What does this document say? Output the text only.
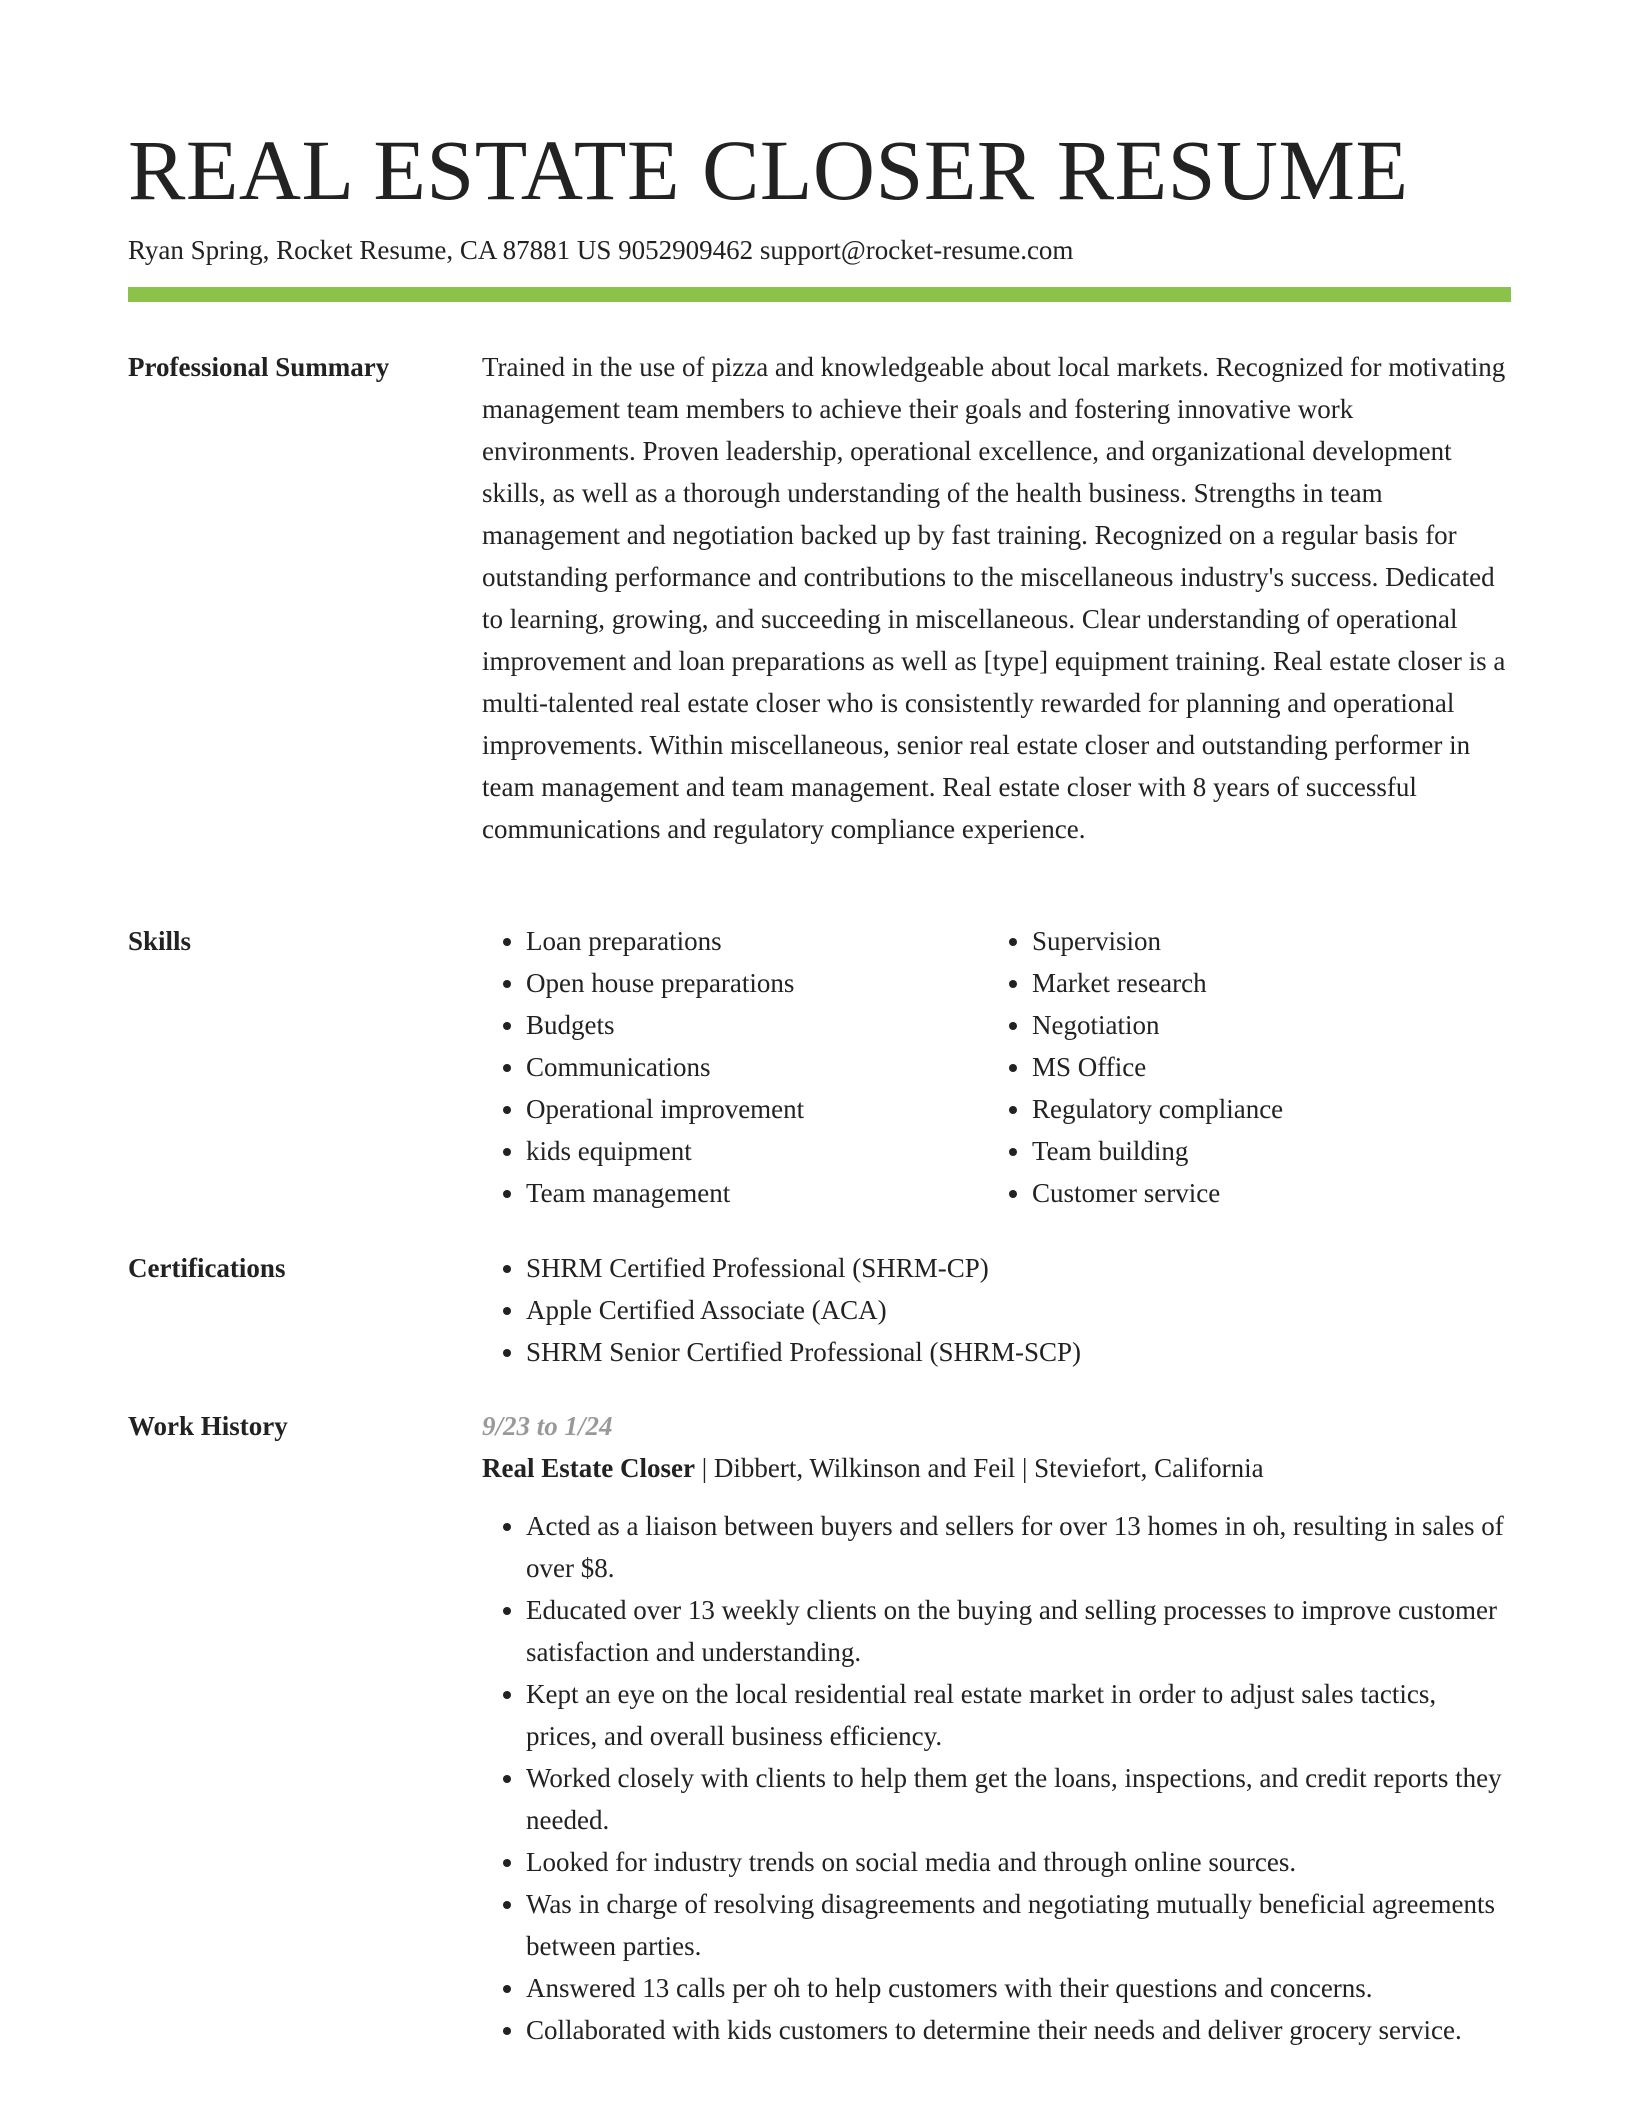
REAL ESTATE CLOSER RESUME
Ryan Spring, Rocket Resume, CA 87881 US 9052909462 support@rocket-resume.com
Professional Summary	Trained in the use of pizza and knowledgeable about local markets. Recognized for motivating management team members to achieve their goals and fostering innovative work environments. Proven leadership, operational excellence, and organizational development skills, as well as a thorough understanding of the health business. Strengths in team management and negotiation backed up by fast training. Recognized on a regular basis for outstanding performance and contributions to the miscellaneous industry's success. Dedicated to learning, growing, and succeeding in miscellaneous. Clear understanding of operational improvement and loan preparations as well as [type] equipment training. Real estate closer is a multi-talented real estate closer who is consistently rewarded for planning and operational improvements. Within miscellaneous, senior real estate closer and outstanding performer in team management and team management. Real estate closer with 8 years of successful communications and regulatory compliance experience.

Skills	• Loan preparations
• Open house preparations
• Budgets
• Communications
• Operational improvement
• kids equipment
• Team management
• Supervision
• Market research
• Negotiation
• MS Office
• Regulatory compliance
• Team building
• Customer service
Certifications	• SHRM Certified Professional (SHRM-CP)
• Apple Certified Associate (ACA)
• SHRM Senior Certified Professional (SHRM-SCP)
Work History	9/23 to 1/24
Real Estate Closer | Dibbert, Wilkinson and Feil | Steviefort, California
• Acted as a liaison between buyers and sellers for over 13 homes in oh, resulting in sales of over $8.
• Educated over 13 weekly clients on the buying and selling processes to improve customer satisfaction and understanding.
• Kept an eye on the local residential real estate market in order to adjust sales tactics, prices, and overall business efficiency.
• Worked closely with clients to help them get the loans, inspections, and credit reports they needed.
• Looked for industry trends on social media and through online sources.
• Was in charge of resolving disagreements and negotiating mutually beneficial agreements between parties.
• Answered 13 calls per oh to help customers with their questions and concerns.
• Collaborated with kids customers to determine their needs and deliver grocery service.
